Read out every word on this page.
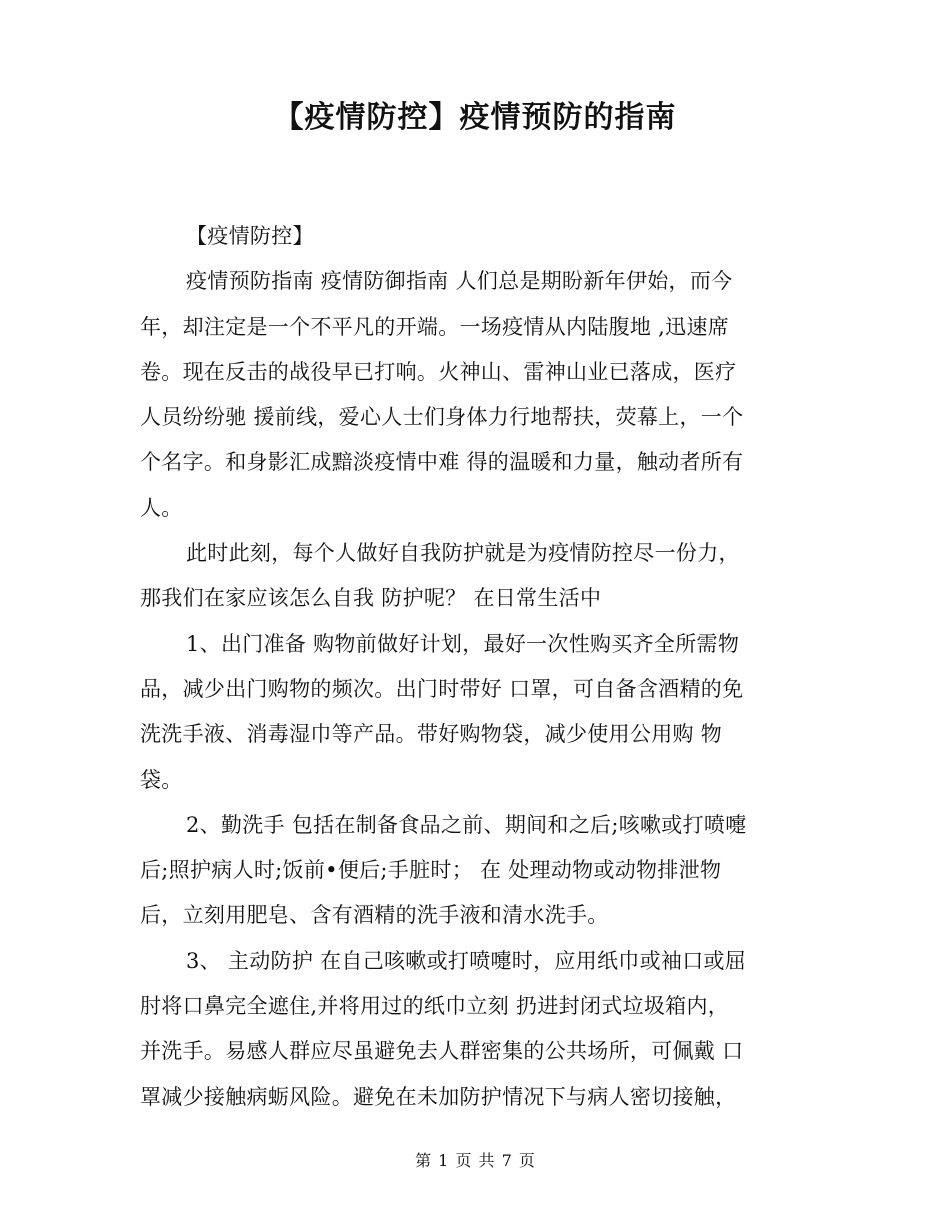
【疫情防控】疫情预防的指南
【疫情防控】
疫情预防指南 疫情防御指南 人们总是期盼新年伊始，而今
年，却注定是一个不平凡的开端。一场疫情从内陆腹地 ,迅速席
卷。现在反击的战役早已打响。火神山、雷神山业已落成，医疗
人员纷纷驰 援前线，爱心人士们身体力行地帮扶，荧幕上，一个
个名字。和身影汇成黯淡疫情中难 得的温暖和力量，触动者所有
人。
此时此刻，每个人做好自我防护就是为疫情防控尽一份力，
那我们在家应该怎么自我 防护呢？ 在日常生活中
1、出门准备 购物前做好计划，最好一次性购买齐全所需物
品，减少出门购物的频次。出门时带好 口罩，可自备含酒精的免
洗洗手液、消毒湿巾等产品。带好购物袋，减少使用公用购 物
袋。
2、勤洗手 包括在制备食品之前、期间和之后;咳嗽或打喷嚏
后;照护病人时;饭前•便后;手脏时； 在 处理动物或动物排泄物
后，立刻用肥皂、含有酒精的洗手液和清水洗手。
3、 主动防护 在自己咳嗽或打喷嚏时，应用纸巾或袖口或屈
肘将口鼻完全遮住,并将用过的纸巾立刻 扔进封闭式垃圾箱内，
并洗手。易感人群应尽虽避免去人群密集的公共场所，可佩戴 口
罩减少接触病蛎风险。避免在未加防护情况下与病人密切接触，
第 1 页 共 7 页
